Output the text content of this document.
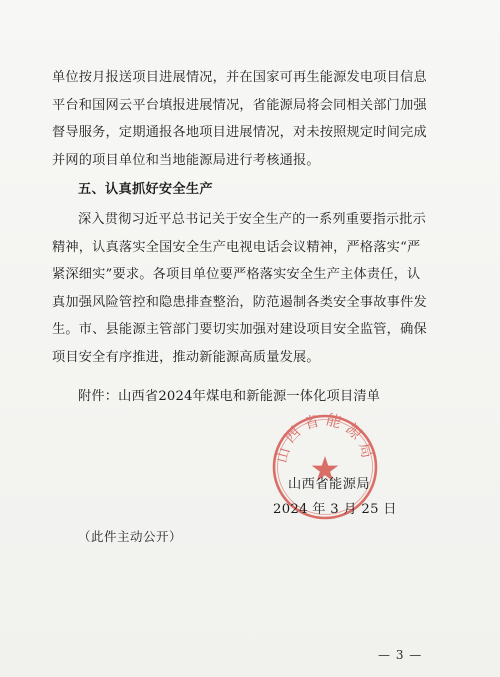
单位按月报送项目进展情况，并在国家可再生能源发电项目信息
平台和国网云平台填报进展情况，省能源局将会同相关部门加强
督导服务，定期通报各地项目进展情况，对未按照规定时间完成
并网的项目单位和当地能源局进行考核通报。
五、认真抓好安全生产
深入贯彻习近平总书记关于安全生产的一系列重要指示批示
精神，认真落实全国安全生产电视电话会议精神，严格落实“严
紧深细实”要求。各项目单位要严格落实安全生产主体责任，认
真加强风险管控和隐患排查整治，防范遏制各类安全事故事件发
生。市、县能源主管部门要切实加强对建设项目安全监管，确保
项目安全有序推进，推动新能源高质量发展。
附件：山西省2024年煤电和新能源一体化项目清单
山西省能源局
山西省能源局
2024 年 3 月 25 日
（此件主动公开）
— 3 —
